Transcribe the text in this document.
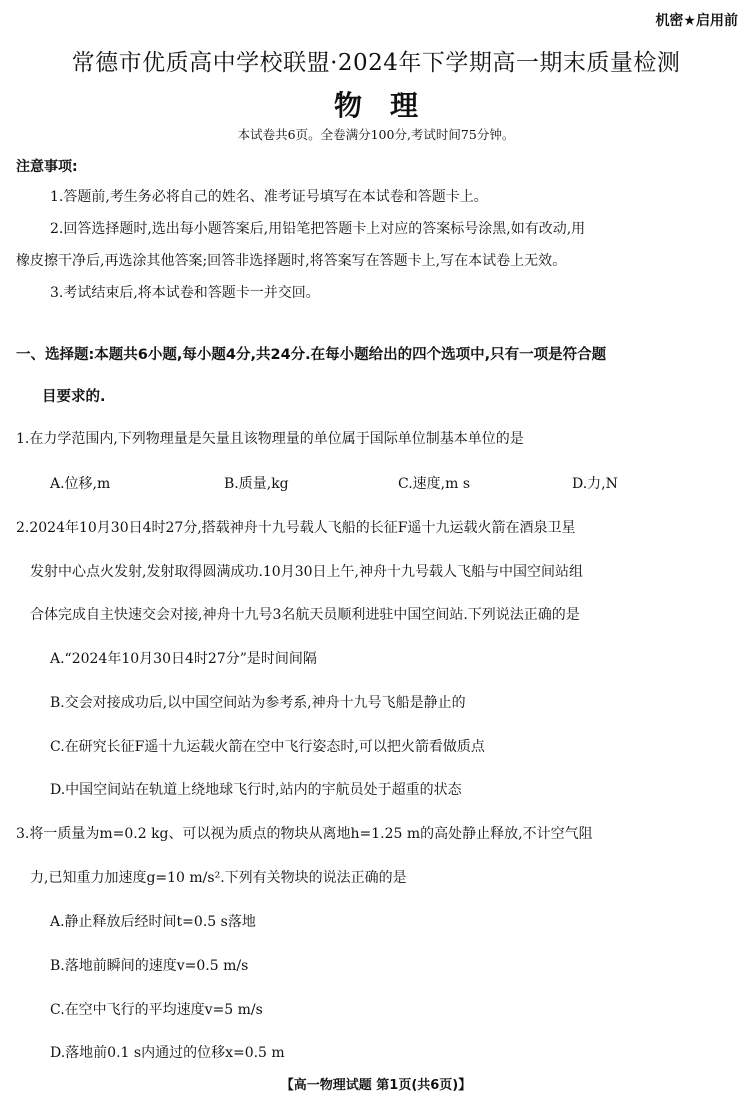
机密★启用前
常德市优质高中学校联盟·2024年下学期高一期末质量检测
物理
本试卷共6页。全卷满分100分,考试时间75分钟。
注意事项:
1.答题前,考生务必将自己的姓名、准考证号填写在本试卷和答题卡上。
2.回答选择题时,选出每小题答案后,用铅笔把答题卡上对应的答案标号涂黑,如有改动,用
橡皮擦干净后,再选涂其他答案;回答非选择题时,将答案写在答题卡上,写在本试卷上无效。
3.考试结束后,将本试卷和答题卡一并交回。
一、选择题:本题共6小题,每小题4分,共24分.在每小题给出的四个选项中,只有一项是符合题
目要求的.
1.在力学范围内,下列物理量是矢量且该物理量的单位属于国际单位制基本单位的是
A.位移,m	B.质量,kg	C.速度,m s	D.力,N
2.2024年10月30日4时27分,搭载神舟十九号载人飞船的长征F遥十九运载火箭在酒泉卫星
发射中心点火发射,发射取得圆满成功.10月30日上午,神舟十九号载人飞船与中国空间站组
合体完成自主快速交会对接,神舟十九号3名航天员顺利进驻中国空间站.下列说法正确的是
A.“2024年10月30日4时27分”是时间间隔
B.交会对接成功后,以中国空间站为参考系,神舟十九号飞船是静止的
C.在研究长征F遥十九运载火箭在空中飞行姿态时,可以把火箭看做质点
D.中国空间站在轨道上绕地球飞行时,站内的宇航员处于超重的状态
3.将一质量为m=0.2 kg、可以视为质点的物块从离地h=1.25 m的高处静止释放,不计空气阻
力,已知重力加速度g=10 m/s².下列有关物块的说法正确的是
A.静止释放后经时间t=0.5 s落地
B.落地前瞬间的速度v=0.5 m/s
C.在空中飞行的平均速度v=5 m/s
D.落地前0.1 s内通过的位移x=0.5 m
【高一物理试题 第1页(共6页)】
